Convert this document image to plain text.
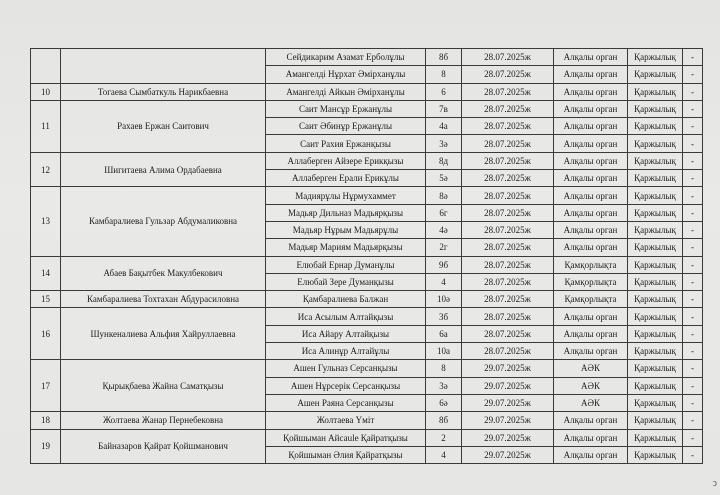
		Сейдикарим Азамат Ерболұлы	8б	28.07.2025ж	Алқалы орган	Қаржылық	-
		Амангелді Нұрхат Әмірханұлы	8	28.07.2025ж	Алқалы орган	Қаржылық	-
10	Тогаева Сымбаткуль Нарикбаевна	Амангелді Айкын Әмірханұлы	6	28.07.2025ж	Алқалы орган	Қаржылық	-
11	Рахаев Ержан Саитович	Саит Мансұр Ержанұлы	7в	28.07.2025ж	Алқалы орган	Қаржылық	-
		Саит Әбинұр Ержанұлы	4а	28.07.2025ж	Алқалы орган	Қаржылық	-
		Саит Рахия Ержанқызы	3ә	28.07.2025ж	Алқалы орган	Қаржылық	-
12	Шигитаева Алима Ордабаевна	Аллаберген Айзере Ерикқызы	8д	28.07.2025ж	Алқалы орган	Қаржылық	-
		Аллаберген Ерали Ерикұлы	5ә	28.07.2025ж	Алқалы орган	Қаржылық	-
13	Камбаралиева Гульзар Абдумаликовна	Мадиярұлы Нұрмухаммет	8ә	28.07.2025ж	Алқалы орган	Қаржылық	-
		Мадьяр Дильназ Мадьярқызы	6г	28.07.2025ж	Алқалы орган	Қаржылық	-
		Мадьяр Нұрым Мадьярұлы	4ә	28.07.2025ж	Алқалы орган	Қаржылық	-
		Мадьяр Мариям Мадьярқызы	2г	28.07.2025ж	Алқалы орган	Қаржылық	-
14	Абаев Бақытбек Макулбекович	Елюбай Ернар Думанұлы	9б	28.07.2025ж	Қамқорлықта	Қаржылық	-
		Елюбай Зере Думанқызы	4	28.07.2025ж	Қамқорлықта	Қаржылық	-
15	Камбаралиева Тохтахан Абдурасиловна	Қамбаралиева Балжан	10ә	28.07.2025ж	Қамқорлықта	Қаржылық	-
16	Шункеналиева Альфия Хайруллаевна	Иса Асылым Алтайқызы	3б	28.07.2025ж	Алқалы орган	Қаржылық	-
		Иса Айару Алтайқызы	6а	28.07.2025ж	Алқалы орган	Қаржылық	-
		Иса Алинұр Алтайұлы	10а	28.07.2025ж	Алқалы орган	Қаржылық	-
17	Қырықбаева Жайна Саматқызы	Ашен Гульназ Серсанқызы	8	29.07.2025ж	АӘК	Қаржылық	-
		Ашен Нұрсерік Серсанқызы	3ә	29.07.2025ж	АӘК	Қаржылық	-
		Ашен Раяна Серсанқызы	6ә	29.07.2025ж	АӘК	Қаржылық	-
18	Жолтаева Жанар Пернебековна	Жолтаева Үміт	8б	29.07.2025ж	Алқалы орган	Қаржылық	-
19	Байназаров Қайрат Қойшманович	Қойшыман Айсаule Қайратқызы	2	29.07.2025ж	Алқалы орган	Қаржылық	-
		Қойшыман Әлия Қайратқызы	4	29.07.2025ж	Алқалы орган	Қаржылық	-
ↄ
